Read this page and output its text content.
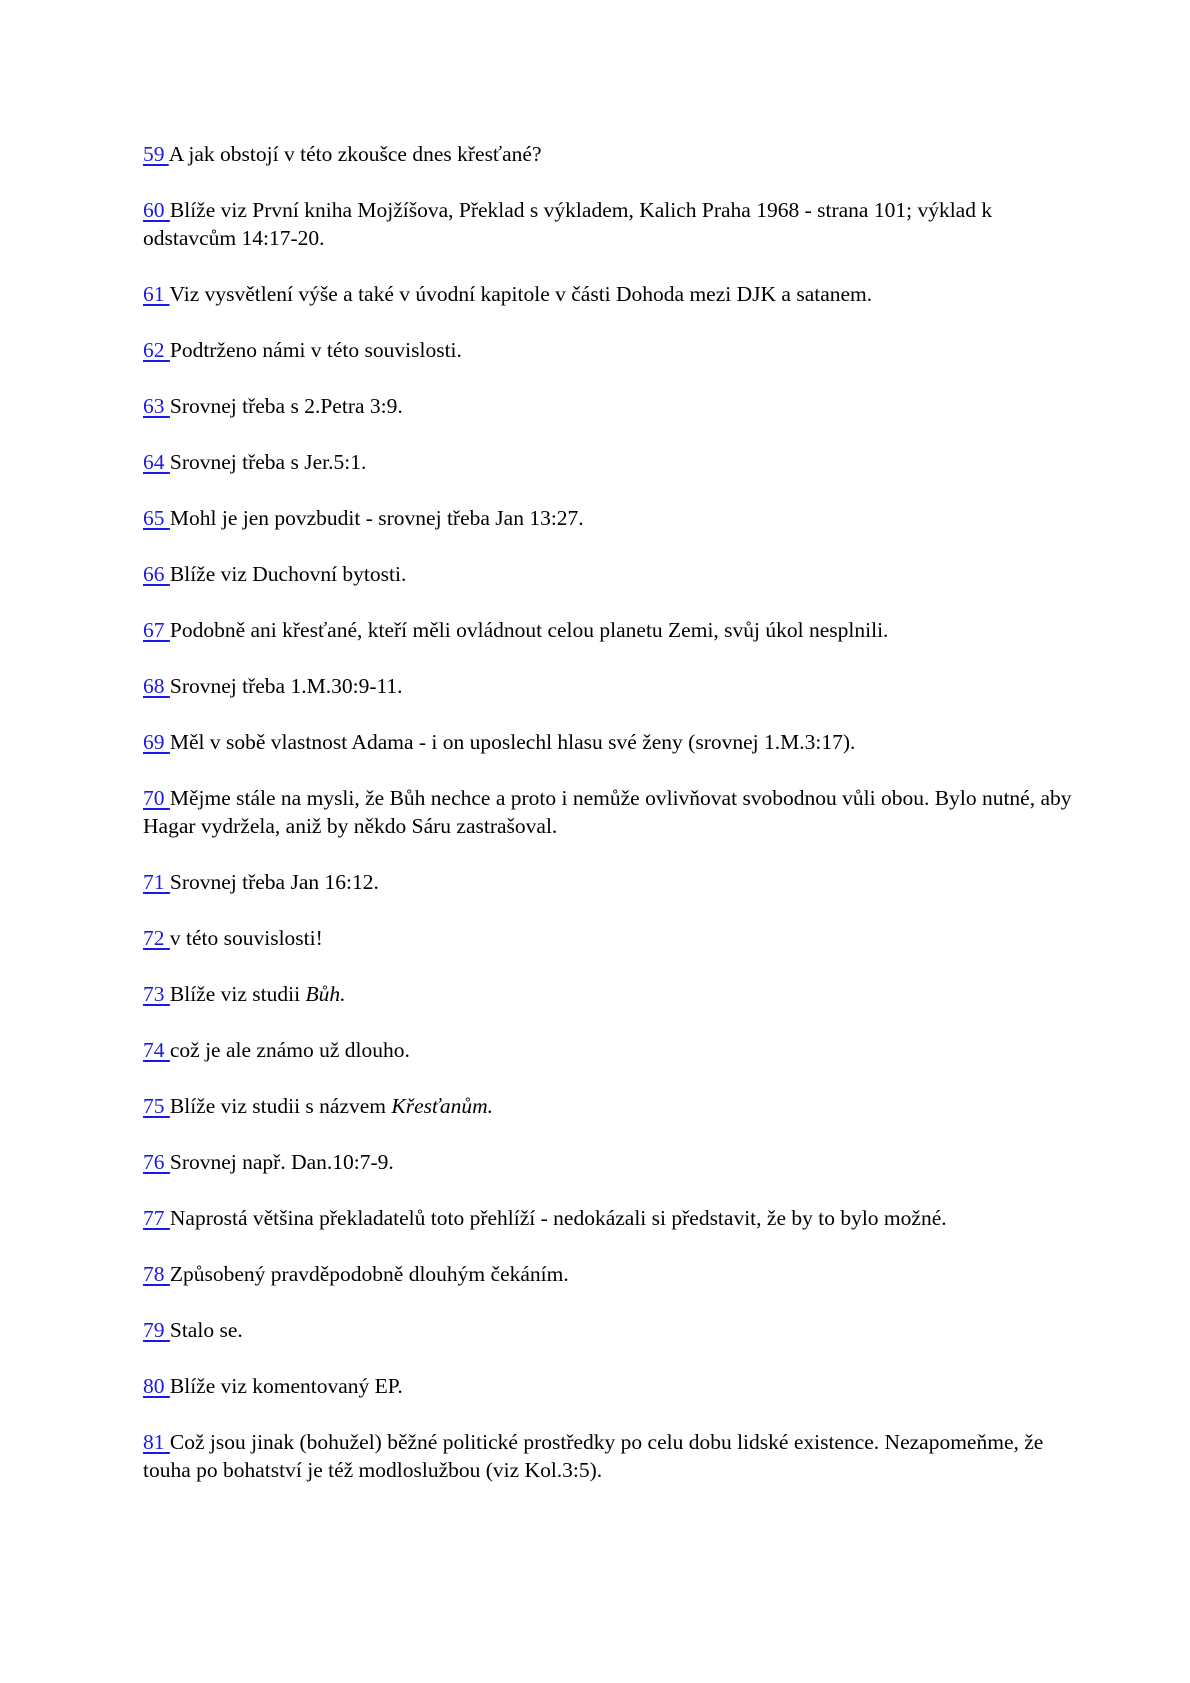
59 A jak obstojí v této zkoušce dnes křesťané?

60 Blíže viz První kniha Mojžíšova, Překlad s výkladem, Kalich Praha 1968 - strana 101; výklad k odstavcům 14:17-20.

61 Viz vysvětlení výše a také v úvodní kapitole v části Dohoda mezi DJK a satanem.

62 Podtrženo námi v této souvislosti.

63 Srovnej třeba s 2.Petra 3:9.

64 Srovnej třeba s Jer.5:1.

65 Mohl je jen povzbudit - srovnej třeba Jan 13:27.

66 Blíže viz Duchovní bytosti.

67 Podobně ani křesťané, kteří měli ovládnout celou planetu Zemi, svůj úkol nesplnili.

68 Srovnej třeba 1.M.30:9-11.

69 Měl v sobě vlastnost Adama - i on uposlechl hlasu své ženy (srovnej 1.M.3:17).

70 Mějme stále na mysli, že Bůh nechce a proto i nemůže ovlivňovat svobodnou vůli obou. Bylo nutné, aby Hagar vydržela, aniž by někdo Sáru zastrašoval.

71 Srovnej třeba Jan 16:12.

72 v této souvislosti!

73 Blíže viz studii Bůh.

74 což je ale známo už dlouho.

75 Blíže viz studii s názvem Křesťanům.

76 Srovnej např. Dan.10:7-9.

77 Naprostá většina překladatelů toto přehlíží - nedokázali si představit, že by to bylo možné.

78 Způsobený pravděpodobně dlouhým čekáním.

79 Stalo se.

80 Blíže viz komentovaný EP.

81 Což jsou jinak (bohužel) běžné politické prostředky po celu dobu lidské existence. Nezapomeňme, že touha po bohatství je též modloslužbou (viz Kol.3:5).
